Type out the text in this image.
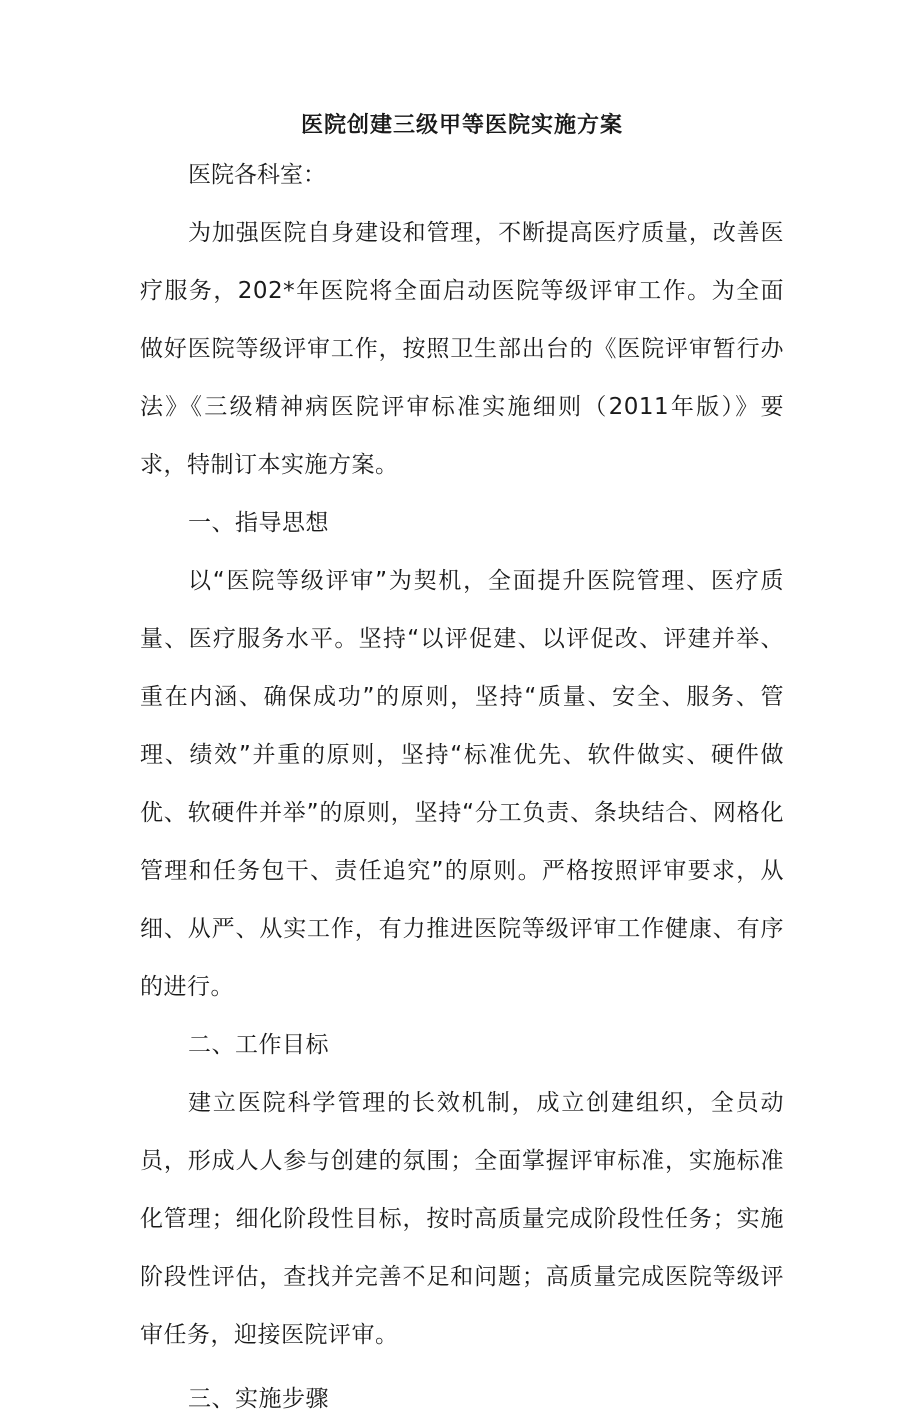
医院创建三级甲等医院实施方案

医院各科室：

为加强医院自身建设和管理，不断提高医疗质量，改善医疗服务，202*年医院将全面启动医院等级评审工作。为全面做好医院等级评审工作，按照卫生部出台的《医院评审暂行办法》《三级精神病医院评审标准实施细则（2011年版）》要求，特制订本实施方案。

一、指导思想

以“医院等级评审”为契机，全面提升医院管理、医疗质量、医疗服务水平。坚持“以评促建、以评促改、评建并举、重在内涵、确保成功”的原则，坚持“质量、安全、服务、管理、绩效”并重的原则，坚持“标准优先、软件做实、硬件做优、软硬件并举”的原则，坚持“分工负责、条块结合、网格化管理和任务包干、责任追究”的原则。严格按照评审要求，从细、从严、从实工作，有力推进医院等级评审工作健康、有序的进行。

二、工作目标

建立医院科学管理的长效机制，成立创建组织，全员动员，形成人人参与创建的氛围；全面掌握评审标准，实施标准化管理；细化阶段性目标，按时高质量完成阶段性任务；实施阶段性评估，查找并完善不足和问题；高质量完成医院等级评审任务，迎接医院评审。

三、实施步骤
